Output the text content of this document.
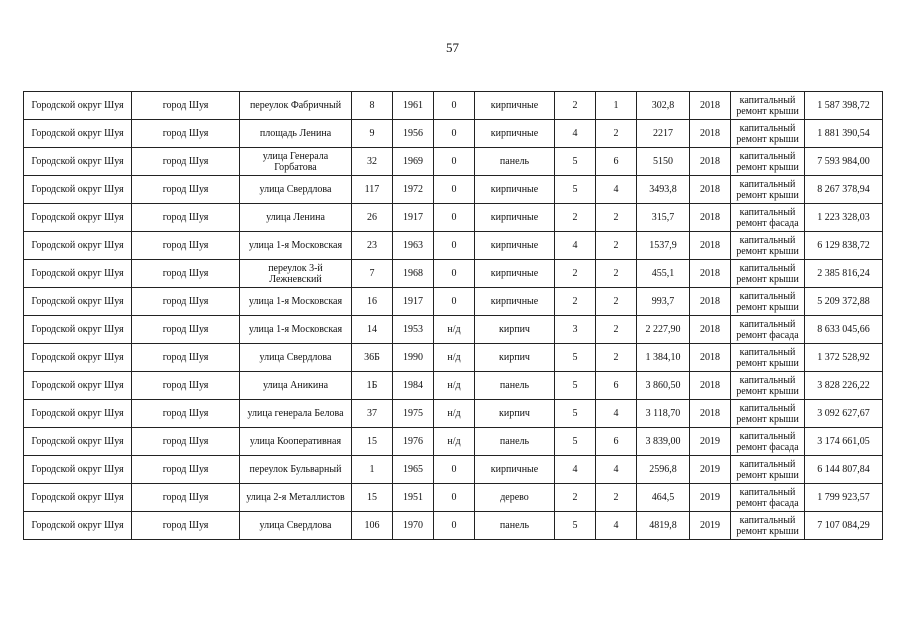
57
Городской округ Шуя	город Шуя	переулок Фабричный	8	1961	0	кирпичные	2	1	302,8	2018	капитальный ремонт крыши	1 587 398,72
Городской округ Шуя	город Шуя	площадь Ленина	9	1956	0	кирпичные	4	2	2217	2018	капитальный ремонт крыши	1 881 390,54
Городской округ Шуя	город Шуя	улица Генерала Горбатова	32	1969	0	панель	5	6	5150	2018	капитальный ремонт крыши	7 593 984,00
Городской округ Шуя	город Шуя	улица Свердлова	117	1972	0	кирпичные	5	4	3493,8	2018	капитальный ремонт крыши	8 267 378,94
Городской округ Шуя	город Шуя	улица Ленина	26	1917	0	кирпичные	2	2	315,7	2018	капитальный ремонт фасада	1 223 328,03
Городской округ Шуя	город Шуя	улица 1-я Московская	23	1963	0	кирпичные	4	2	1537,9	2018	капитальный ремонт крыши	6 129 838,72
Городской округ Шуя	город Шуя	переулок 3-й Лежневский	7	1968	0	кирпичные	2	2	455,1	2018	капитальный ремонт крыши	2 385 816,24
Городской округ Шуя	город Шуя	улица 1-я Московская	16	1917	0	кирпичные	2	2	993,7	2018	капитальный ремонт крыши	5 209 372,88
Городской округ Шуя	город Шуя	улица 1-я Московская	14	1953	н/д	кирпич	3	2	2 227,90	2018	капитальный ремонт фасада	8 633 045,66
Городской округ Шуя	город Шуя	улица Свердлова	36Б	1990	н/д	кирпич	5	2	1 384,10	2018	капитальный ремонт крыши	1 372 528,92
Городской округ Шуя	город Шуя	улица Аникина	1Б	1984	н/д	панель	5	6	3 860,50	2018	капитальный ремонт крыши	3 828 226,22
Городской округ Шуя	город Шуя	улица генерала Белова	37	1975	н/д	кирпич	5	4	3 118,70	2018	капитальный ремонт крыши	3 092 627,67
Городской округ Шуя	город Шуя	улица Кооперативная	15	1976	н/д	панель	5	6	3 839,00	2019	капитальный ремонт фасада	3 174 661,05
Городской округ Шуя	город Шуя	переулок Бульварный	1	1965	0	кирпичные	4	4	2596,8	2019	капитальный ремонт крыши	6 144 807,84
Городской округ Шуя	город Шуя	улица 2-я Металлистов	15	1951	0	дерево	2	2	464,5	2019	капитальный ремонт фасада	1 799 923,57
Городской округ Шуя	город Шуя	улица Свердлова	106	1970	0	панель	5	4	4819,8	2019	капитальный ремонт крыши	7 107 084,29
